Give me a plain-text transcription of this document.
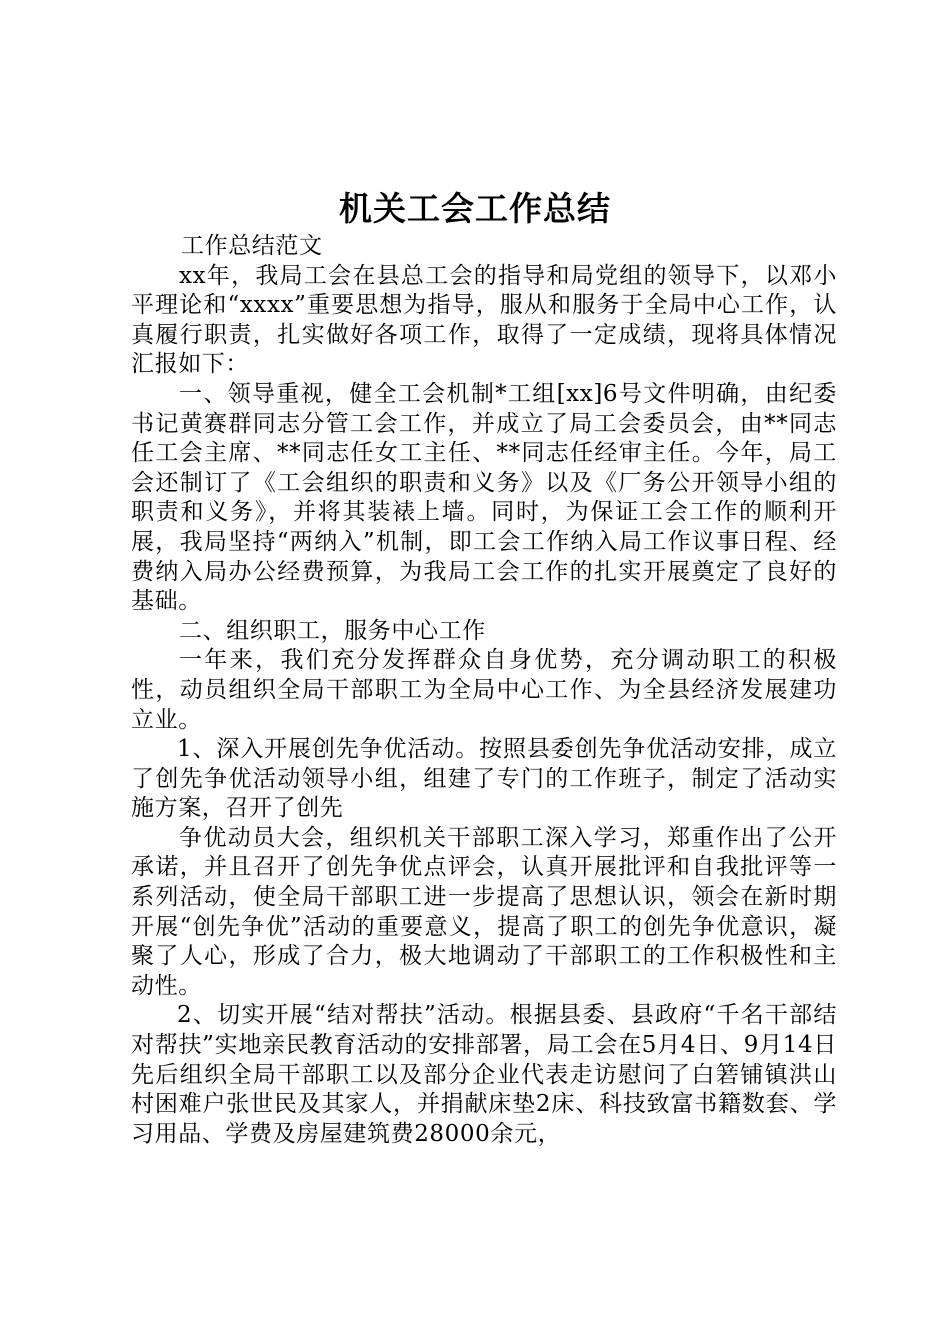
机关工会工作总结

工作总结范文

xx年，我局工会在县总工会的指导和局党组的领导下，以邓小平理论和“xxxx”重要思想为指导，服从和服务于全局中心工作，认真履行职责，扎实做好各项工作，取得了一定成绩，现将具体情况汇报如下：

一、领导重视，健全工会机制*工组[xx]6号文件明确，由纪委书记黄赛群同志分管工会工作，并成立了局工会委员会，由**同志任工会主席、**同志任女工主任、**同志任经审主任。今年，局工会还制订了《工会组织的职责和义务》以及《厂务公开领导小组的职责和义务》，并将其装裱上墙。同时，为保证工会工作的顺利开展，我局坚持“两纳入”机制，即工会工作纳入局工作议事日程、经费纳入局办公经费预算，为我局工会工作的扎实开展奠定了良好的基础。

二、组织职工，服务中心工作

一年来，我们充分发挥群众自身优势，充分调动职工的积极性，动员组织全局干部职工为全局中心工作、为全县经济发展建功立业。

1、深入开展创先争优活动。按照县委创先争优活动安排，成立了创先争优活动领导小组，组建了专门的工作班子，制定了活动实施方案，召开了创先

争优动员大会，组织机关干部职工深入学习，郑重作出了公开承诺，并且召开了创先争优点评会，认真开展批评和自我批评等一系列活动，使全局干部职工进一步提高了思想认识，领会在新时期开展“创先争优”活动的重要意义，提高了职工的创先争优意识，凝聚了人心，形成了合力，极大地调动了干部职工的工作积极性和主动性。

2、切实开展“结对帮扶”活动。根据县委、县政府“千名干部结对帮扶”实地亲民教育活动的安排部署，局工会在5月4日、9月14日先后组织全局干部职工以及部分企业代表走访慰问了白箬铺镇洪山村困难户张世民及其家人，并捐献床垫2床、科技致富书籍数套、学习用品、学费及房屋建筑费28000余元，
